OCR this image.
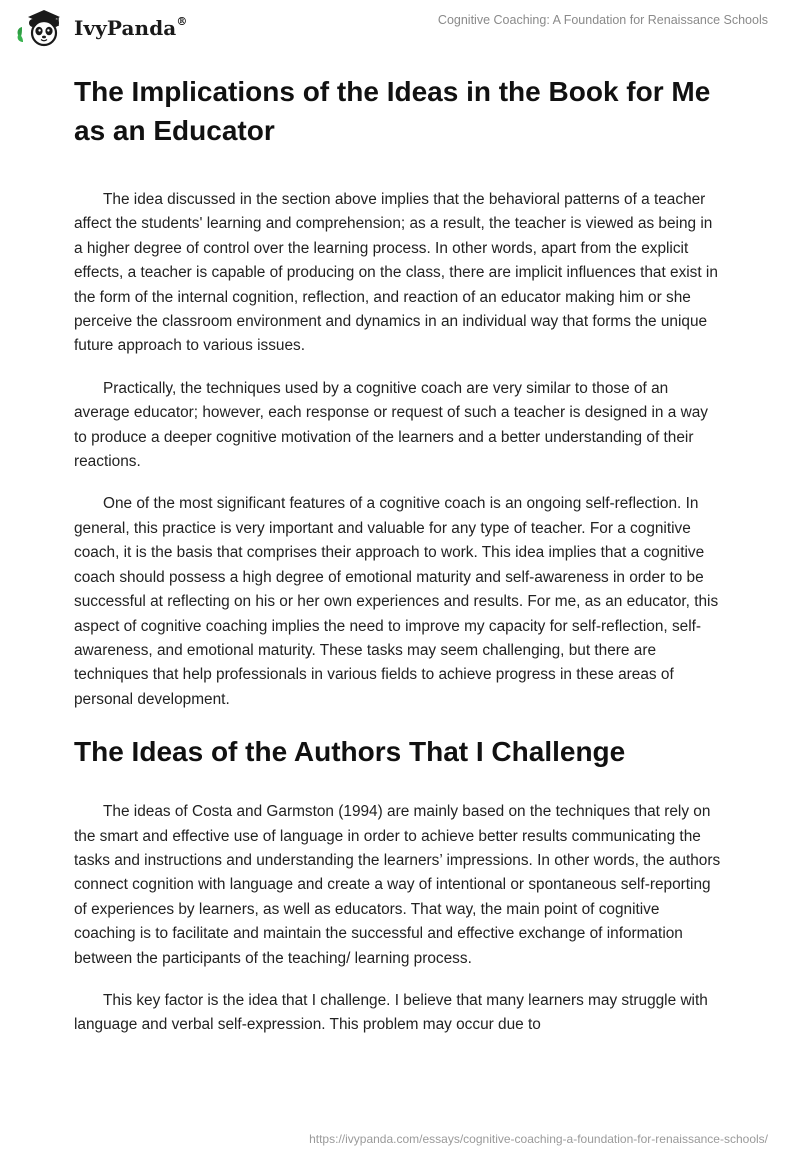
IvyPanda®	Cognitive Coaching: A Foundation for Renaissance Schools
The Implications of the Ideas in the Book for Me as an Educator

The idea discussed in the section above implies that the behavioral patterns of a teacher affect the students' learning and comprehension; as a result, the teacher is viewed as being in a higher degree of control over the learning process. In other words, apart from the explicit effects, a teacher is capable of producing on the class, there are implicit influences that exist in the form of the internal cognition, reflection, and reaction of an educator making him or she perceive the classroom environment and dynamics in an individual way that forms the unique future approach to various issues.

Practically, the techniques used by a cognitive coach are very similar to those of an average educator; however, each response or request of such a teacher is designed in a way to produce a deeper cognitive motivation of the learners and a better understanding of their reactions.

One of the most significant features of a cognitive coach is an ongoing self-reflection. In general, this practice is very important and valuable for any type of teacher. For a cognitive coach, it is the basis that comprises their approach to work. This idea implies that a cognitive coach should possess a high degree of emotional maturity and self-awareness in order to be successful at reflecting on his or her own experiences and results. For me, as an educator, this aspect of cognitive coaching implies the need to improve my capacity for self-reflection, self-awareness, and emotional maturity. These tasks may seem challenging, but there are techniques that help professionals in various fields to achieve progress in these areas of personal development.

The Ideas of the Authors That I Challenge

The ideas of Costa and Garmston (1994) are mainly based on the techniques that rely on the smart and effective use of language in order to achieve better results communicating the tasks and instructions and understanding the learners’ impressions. In other words, the authors connect cognition with language and create a way of intentional or spontaneous self-reporting of experiences by learners, as well as educators. That way, the main point of cognitive coaching is to facilitate and maintain the successful and effective exchange of information between the participants of the teaching/ learning process.

This key factor is the idea that I challenge. I believe that many learners may struggle with language and verbal self-expression. This problem may occur due to

https://ivypanda.com/essays/cognitive-coaching-a-foundation-for-renaissance-schools/
